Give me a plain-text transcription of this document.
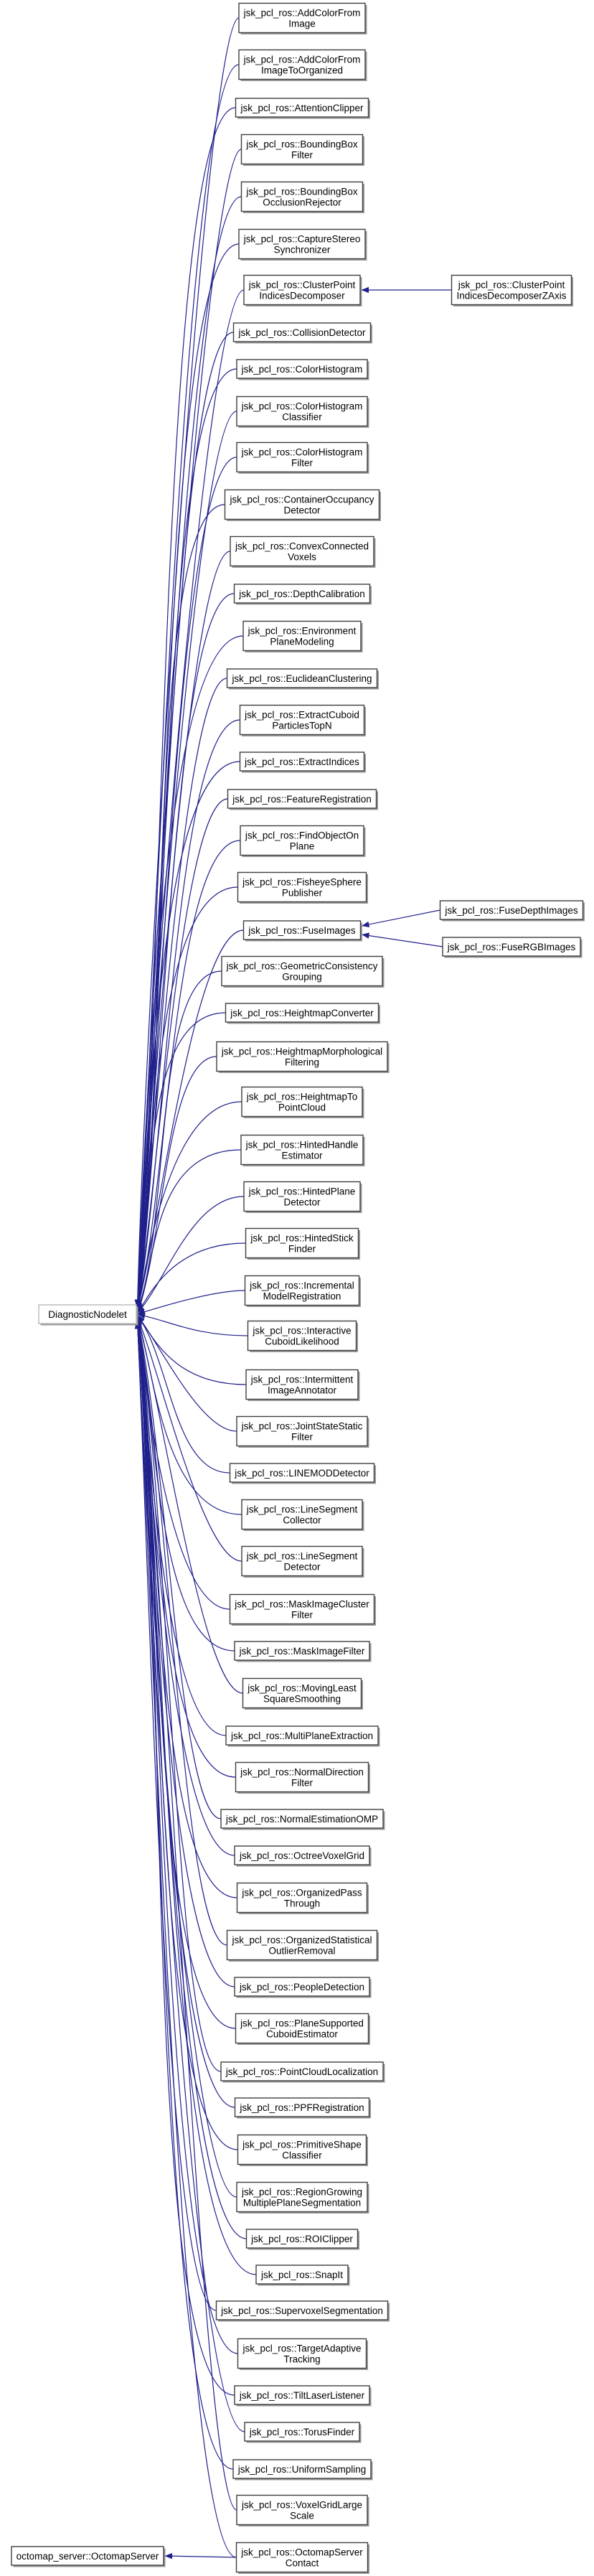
jsk_pcl_ros::AddColorFrom
Image
jsk_pcl_ros::AddColorFrom
ImageToOrganized
jsk_pcl_ros::AttentionClipper
jsk_pcl_ros::BoundingBox
Filter
jsk_pcl_ros::BoundingBox
OcclusionRejector
jsk_pcl_ros::CaptureStereo
Synchronizer
jsk_pcl_ros::ClusterPoint
IndicesDecomposer
jsk_pcl_ros::CollisionDetector
jsk_pcl_ros::ColorHistogram
jsk_pcl_ros::ColorHistogram
Classifier
jsk_pcl_ros::ColorHistogram
Filter
jsk_pcl_ros::ContainerOccupancy
Detector
jsk_pcl_ros::ConvexConnected
Voxels
jsk_pcl_ros::DepthCalibration
jsk_pcl_ros::Environment
PlaneModeling
jsk_pcl_ros::EuclideanClustering
jsk_pcl_ros::ExtractCuboid
ParticlesTopN
jsk_pcl_ros::ExtractIndices
jsk_pcl_ros::FeatureRegistration
jsk_pcl_ros::FindObjectOn
Plane
jsk_pcl_ros::FisheyeSphere
Publisher
jsk_pcl_ros::FuseImages
jsk_pcl_ros::GeometricConsistency
Grouping
jsk_pcl_ros::HeightmapConverter
jsk_pcl_ros::HeightmapMorphological
Filtering
jsk_pcl_ros::HeightmapTo
PointCloud
jsk_pcl_ros::HintedHandle
Estimator
jsk_pcl_ros::HintedPlane
Detector
jsk_pcl_ros::HintedStick
Finder
jsk_pcl_ros::Incremental
ModelRegistration
jsk_pcl_ros::Interactive
CuboidLikelihood
jsk_pcl_ros::Intermittent
ImageAnnotator
jsk_pcl_ros::JointStateStatic
Filter
jsk_pcl_ros::LINEMODDetector
jsk_pcl_ros::LineSegment
Collector
jsk_pcl_ros::LineSegment
Detector
jsk_pcl_ros::MaskImageCluster
Filter
jsk_pcl_ros::MaskImageFilter
jsk_pcl_ros::MovingLeast
SquareSmoothing
jsk_pcl_ros::MultiPlaneExtraction
jsk_pcl_ros::NormalDirection
Filter
jsk_pcl_ros::NormalEstimationOMP
jsk_pcl_ros::OctreeVoxelGrid
jsk_pcl_ros::OrganizedPass
Through
jsk_pcl_ros::OrganizedStatistical
OutlierRemoval
jsk_pcl_ros::PeopleDetection
jsk_pcl_ros::PlaneSupported
CuboidEstimator
jsk_pcl_ros::PointCloudLocalization
jsk_pcl_ros::PPFRegistration
jsk_pcl_ros::PrimitiveShape
Classifier
jsk_pcl_ros::RegionGrowing
MultiplePlaneSegmentation
jsk_pcl_ros::ROIClipper
jsk_pcl_ros::SnapIt
jsk_pcl_ros::SupervoxelSegmentation
jsk_pcl_ros::TargetAdaptive
Tracking
jsk_pcl_ros::TiltLaserListener
jsk_pcl_ros::TorusFinder
jsk_pcl_ros::UniformSampling
jsk_pcl_ros::VoxelGridLarge
Scale
jsk_pcl_ros::OctomapServer
Contact
jsk_pcl_ros::ClusterPoint
IndicesDecomposerZAxis
jsk_pcl_ros::FuseDepthImages
jsk_pcl_ros::FuseRGBImages
octomap_server::OctomapServer
DiagnosticNodelet
